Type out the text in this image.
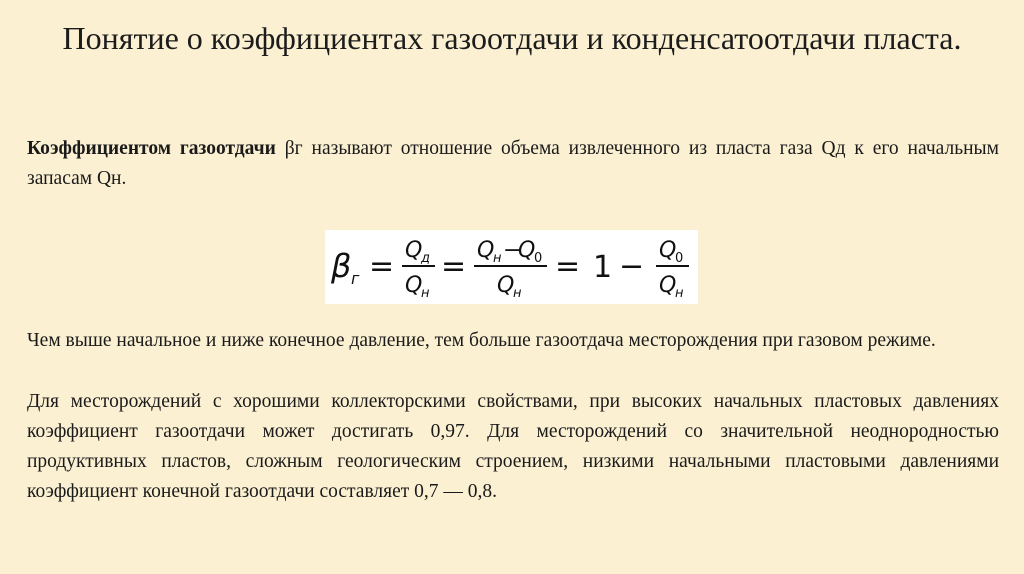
Понятие о коэффициентах газоотдачи и конденсатоотдачи пласта.
Коэффициентом газоотдачи βг называют отношение объема извлеченного из пласта газа Qд к его начальным запасам Qн.
β г = Q
д
Q
н
= Q
н −
Q
0
Q
н
= 1 − Q
0
Q
н
Чем выше начальное и ниже конечное давление, тем больше газоотдача месторождения при газовом режиме.
Для месторождений с хорошими коллекторскими свойствами, при высоких начальных пластовых давлениях коэффициент газоотдачи может достигать 0,97. Для месторождений со значительной неоднородностью продуктивных пластов, сложным геологическим строением, низкими начальными пластовыми давлениями коэффициент конечной газоотдачи составляет 0,7 — 0,8.
